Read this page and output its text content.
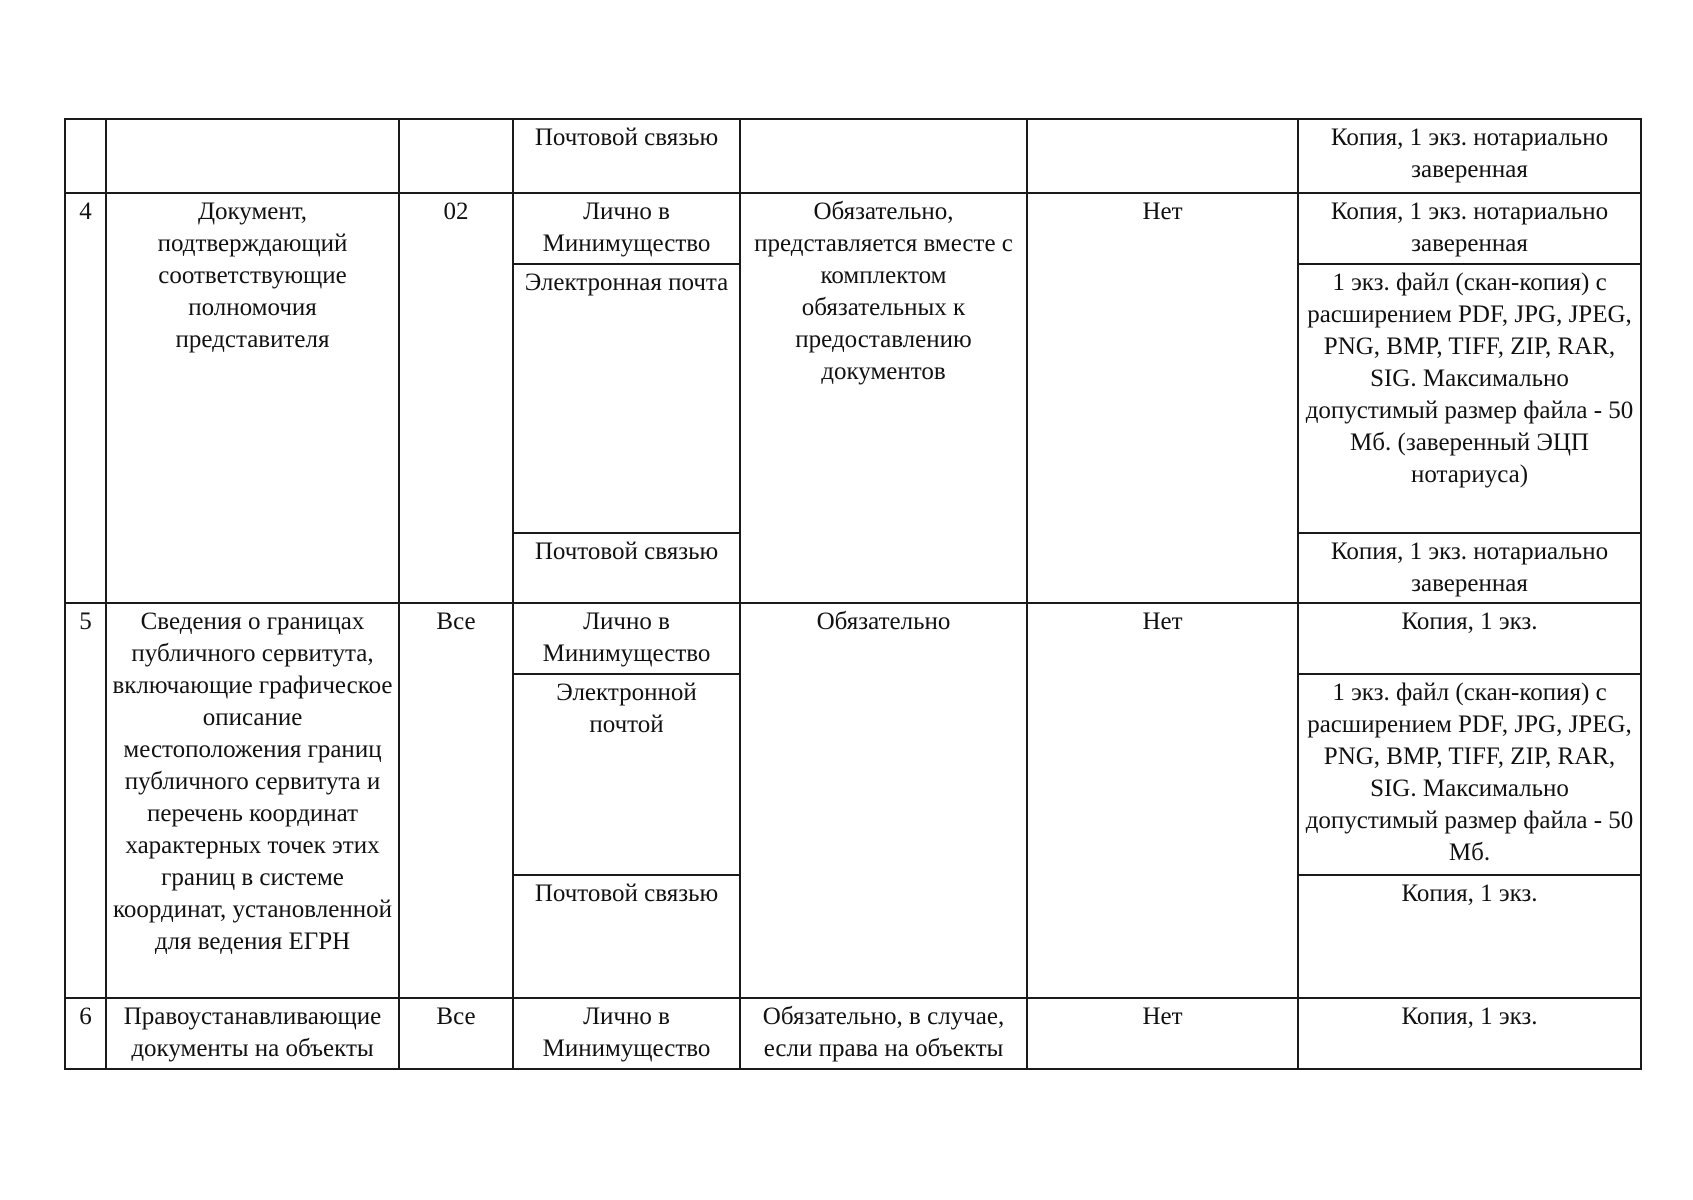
			Почтовой связью			Копия, 1 экз. нотариально заверенная
4	Документ, подтверждающий соответствующие полномочия представителя	02	Лично в Минимущество	Обязательно, представляется вместе с комплектом обязательных к предоставлению документов	Нет	Копия, 1 экз. нотариально заверенная
			Электронная почта			1 экз. файл (скан-копия) с расширением PDF, JPG, JPEG, PNG, BMP, TIFF, ZIP, RAR, SIG. Максимально допустимый размер файла - 50 Мб. (заверенный ЭЦП нотариуса)
			Почтовой связью			Копия, 1 экз. нотариально заверенная
5	Сведения о границах публичного сервитута, включающие графическое описание местоположения границ публичного сервитута и перечень координат характерных точек этих границ в системе координат, установленной для ведения ЕГРН	Все	Лично в Минимущество	Обязательно	Нет	Копия, 1 экз.
			Электронной почтой			1 экз. файл (скан-копия) с расширением PDF, JPG, JPEG, PNG, BMP, TIFF, ZIP, RAR, SIG. Максимально допустимый размер файла - 50 Мб.
			Почтовой связью			Копия, 1 экз.
6	Правоустанавливающие документы на объекты	Все	Лично в Минимущество	Обязательно, в случае, если права на объекты	Нет	Копия, 1 экз.
